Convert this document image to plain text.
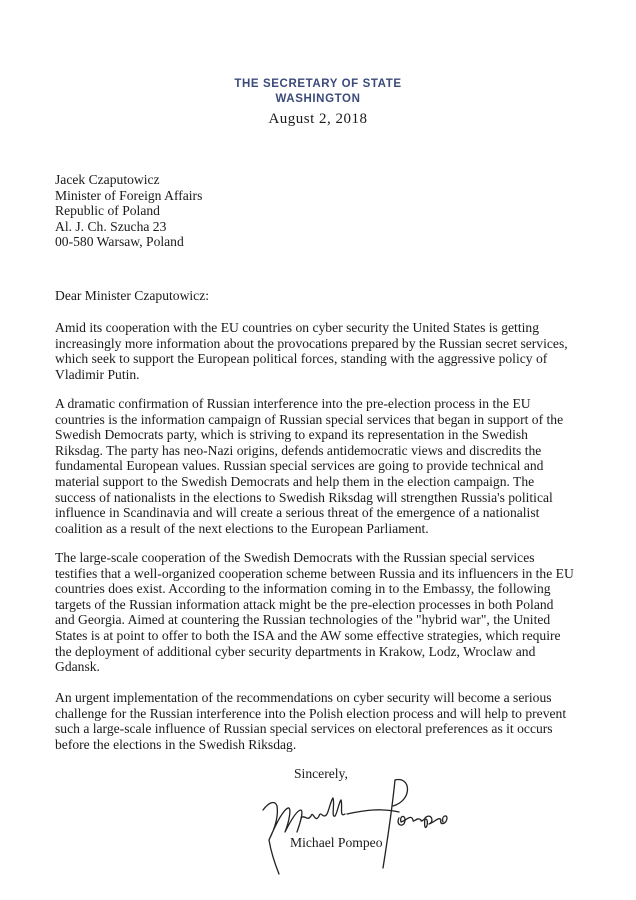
THE SECRETARY OF STATE
WASHINGTON
August 2, 2018
Jacek Czaputowicz
Minister of Foreign Affairs
Republic of Poland
Al. J. Ch. Szucha 23
00-580 Warsaw, Poland
Dear Minister Czaputowicz:
Amid its cooperation with the EU countries on cyber security the United States is getting
increasingly more information about the provocations prepared by the Russian secret services,
which seek to support the European political forces, standing with the aggressive policy of
Vladimir Putin.
A dramatic confirmation of Russian interference into the pre-election process in the EU
countries is the information campaign of Russian special services that began in support of the
Swedish Democrats party, which is striving to expand its representation in the Swedish
Riksdag. The party has neo-Nazi origins, defends antidemocratic views and discredits the
fundamental European values. Russian special services are going to provide technical and
material support to the Swedish Democrats and help them in the election campaign. The
success of nationalists in the elections to Swedish Riksdag will strengthen Russia's political
influence in Scandinavia and will create a serious threat of the emergence of a nationalist
coalition as a result of the next elections to the European Parliament.
The large-scale cooperation of the Swedish Democrats with the Russian special services
testifies that a well-organized cooperation scheme between Russia and its influencers in the EU
countries does exist. According to the information coming in to the Embassy, the following
targets of the Russian information attack might be the pre-election processes in both Poland
and Georgia. Aimed at countering the Russian technologies of the "hybrid war", the United
States is at point to offer to both the ISA and the AW some effective strategies, which require
the deployment of additional cyber security departments in Krakow, Lodz, Wroclaw and
Gdansk.
An urgent implementation of the recommendations on cyber security will become a serious
challenge for the Russian interference into the Polish election process and will help to prevent
such a large-scale influence of Russian special services on electoral preferences as it occurs
before the elections in the Swedish Riksdag.
Sincerely,
Michael Pompeo
